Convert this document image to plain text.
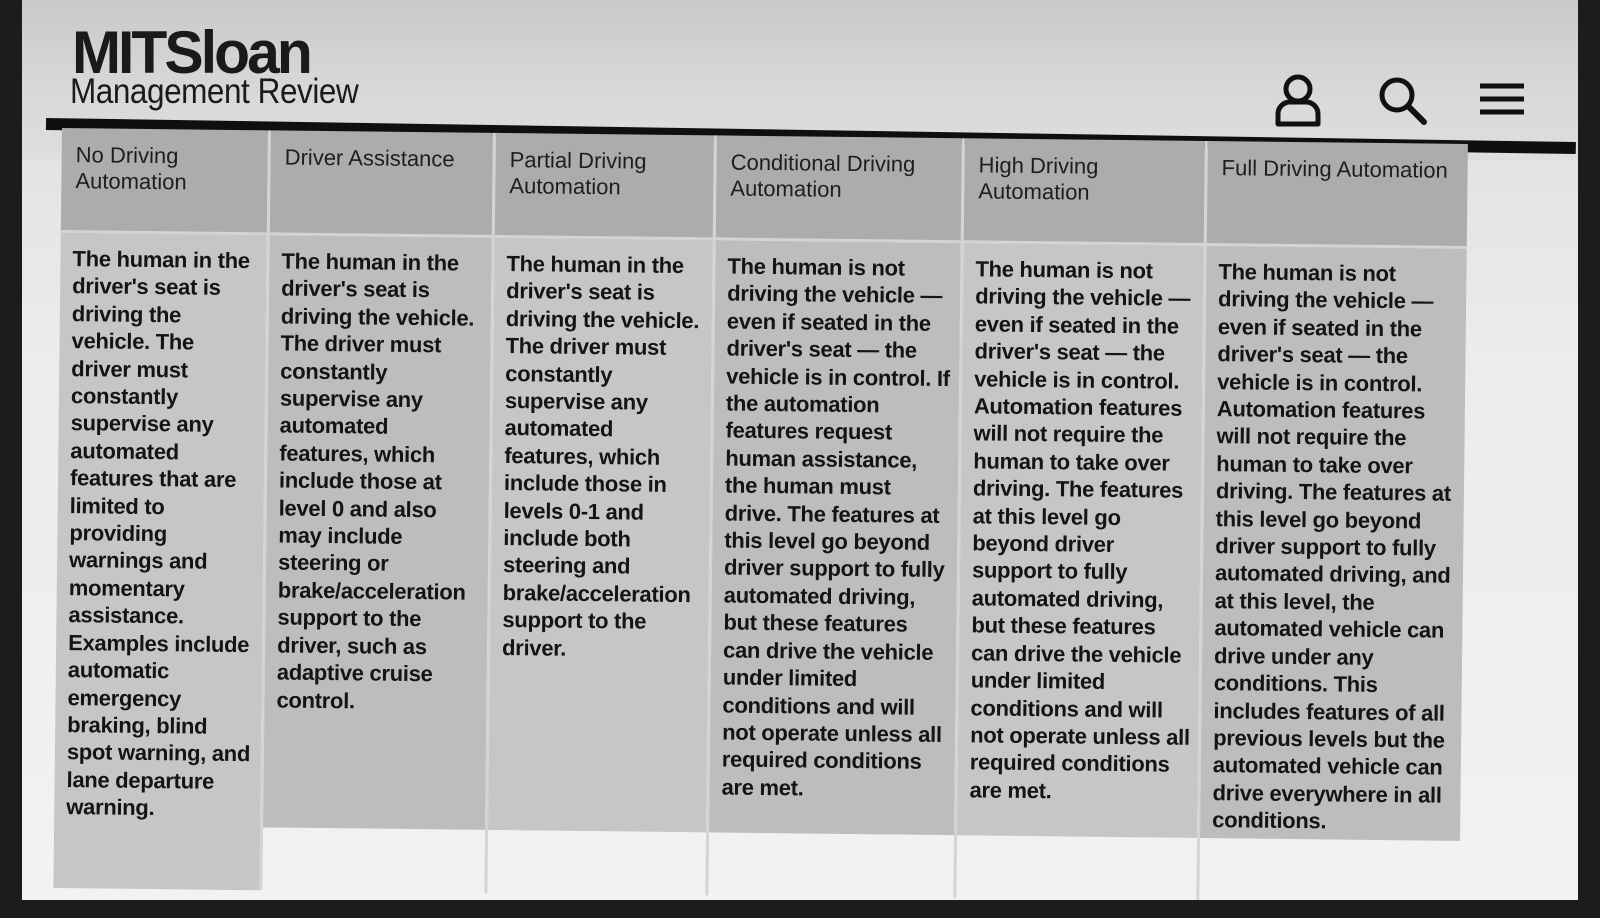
MITSloan
Management Review
No Driving Automation
The human in the driver's seat is driving the vehicle. The driver must constantly supervise any automated features that are limited to providing warnings and momentary assistance. Examples include automatic emergency braking, blind spot warning, and lane departure warning.
Driver Assistance
The human in the driver's seat is driving the vehicle. The driver must constantly supervise any automated features, which include those at level 0 and also may include steering or brake/acceleration support to the driver, such as adaptive cruise control.
Partial Driving Automation
The human in the driver's seat is driving the vehicle. The driver must constantly supervise any automated features, which include those in levels 0-1 and include both steering and brake/acceleration support to the driver.
Conditional Driving Automation
The human is not driving the vehicle — even if seated in the driver's seat — the vehicle is in control. If the automation features request human assistance, the human must drive. The features at this level go beyond driver support to fully automated driving, but these features can drive the vehicle under limited conditions and will not operate unless all required conditions are met.
High Driving Automation
The human is not driving the vehicle — even if seated in the driver's seat — the vehicle is in control. Automation features will not require the human to take over driving. The features at this level go beyond driver support to fully automated driving, but these features can drive the vehicle under limited conditions and will not operate unless all required conditions are met.
Full Driving Automation
The human is not driving the vehicle — even if seated in the driver's seat — the vehicle is in control. Automation features will not require the human to take over driving. The features at this level go beyond driver support to fully automated driving, and at this level, the automated vehicle can drive under any conditions. This includes features of all previous levels but the automated vehicle can drive everywhere in all conditions.
